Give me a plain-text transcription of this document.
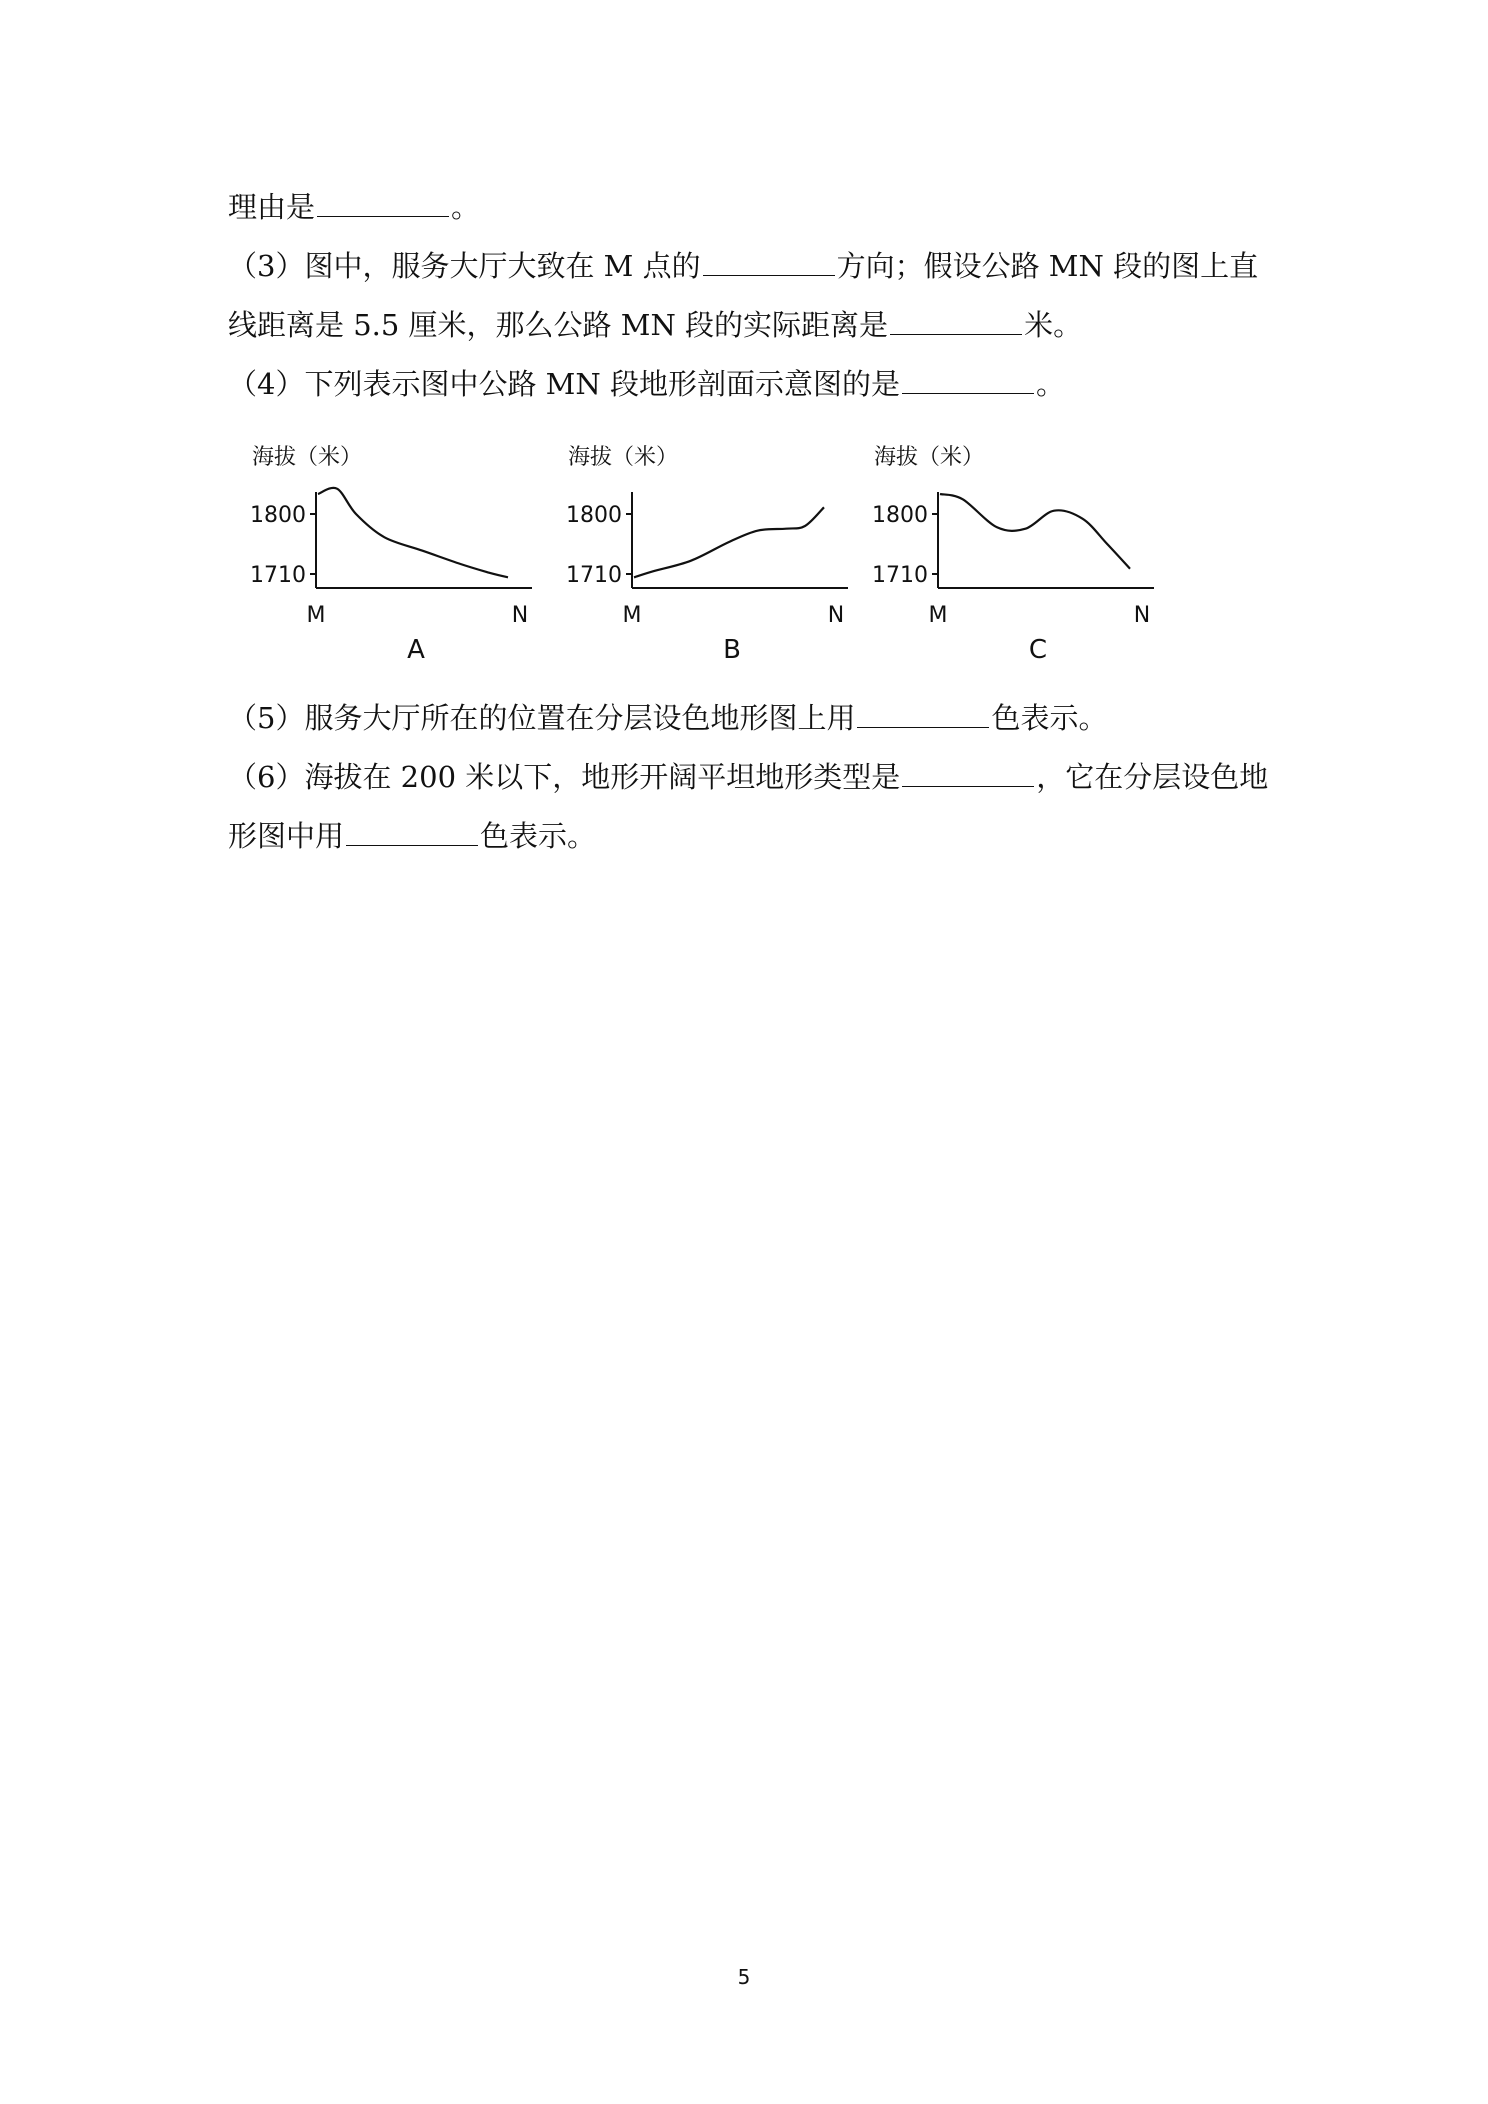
理由是	。
（3）图中，服务大厅大致在 M 点的	方向；假设公路 MN 段的图上直
线距离是 5.5 厘米，那么公路 MN 段的实际距离是	米。
（4）下列表示图中公路 MN 段地形剖面示意图的是	。
海拔（米）
1800
1710
M	N
A
海拔（米）
1800
1710
M	N
B
海拔（米）
1800
1710
M	N
C
（5）服务大厅所在的位置在分层设色地形图上用	色表示。
（6）海拔在 200 米以下，地形开阔平坦地形类型是	，它在分层设色地
形图中用	色表示。
5
